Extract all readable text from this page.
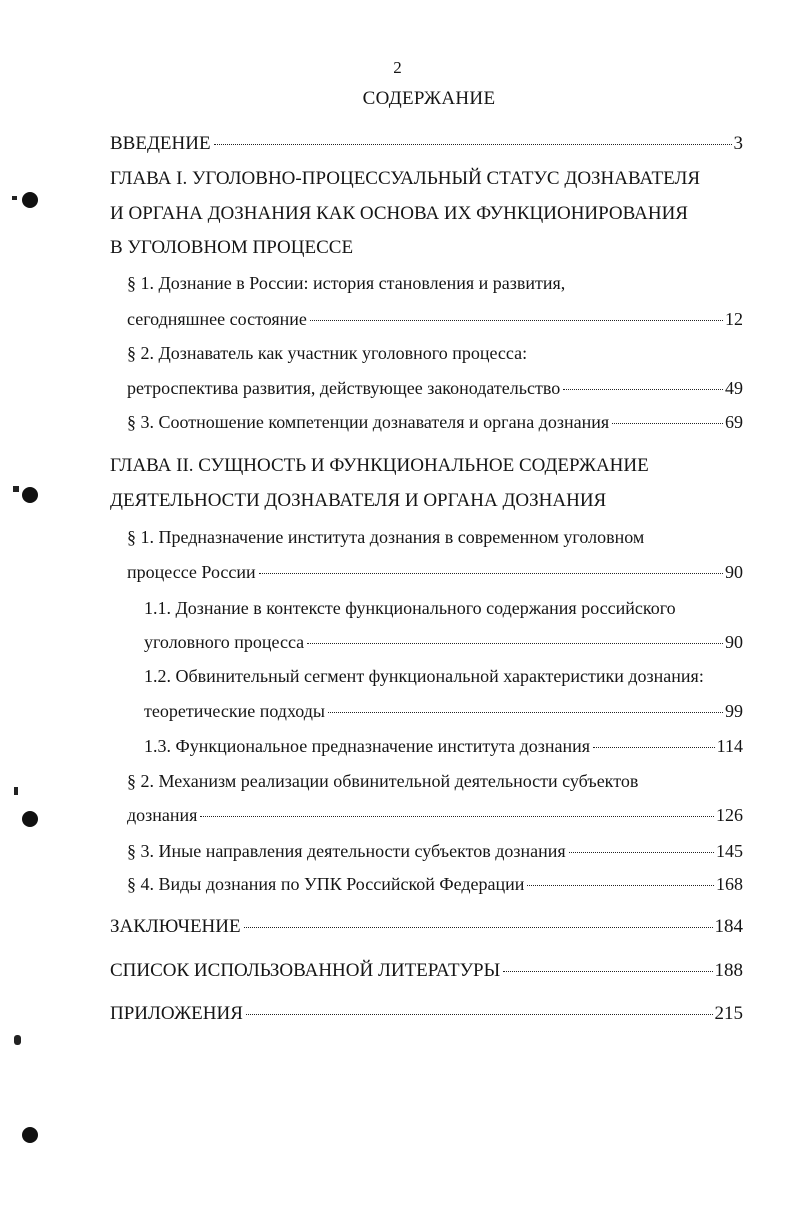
2
СОДЕРЖАНИЕ
ВВЕДЕНИЕ	3
ГЛАВА I. УГОЛОВНО-ПРОЦЕССУАЛЬНЫЙ СТАТУС ДОЗНАВАТЕЛЯ
И ОРГАНА ДОЗНАНИЯ КАК ОСНОВА ИХ ФУНКЦИОНИРОВАНИЯ
В УГОЛОВНОМ ПРОЦЕССЕ
§ 1. Дознание в России: история становления и развития,
сегодняшнее состояние	12
§ 2. Дознаватель как участник уголовного процесса:
ретроспектива развития, действующее законодательство	49
§ 3. Соотношение компетенции дознавателя и органа дознания	69
ГЛАВА II. СУЩНОСТЬ И ФУНКЦИОНАЛЬНОЕ СОДЕРЖАНИЕ
ДЕЯТЕЛЬНОСТИ ДОЗНАВАТЕЛЯ И ОРГАНА ДОЗНАНИЯ
§ 1. Предназначение института дознания в современном уголовном
процессе России	90
1.1. Дознание в контексте функционального содержания российского
уголовного процесса	90
1.2. Обвинительный сегмент функциональной характеристики дознания:
теоретические подходы	99
1.3. Функциональное предназначение института дознания	114
§ 2. Механизм реализации обвинительной деятельности субъектов
дознания	126
§ 3. Иные направления деятельности субъектов дознания	145
§ 4. Виды дознания по УПК Российской Федерации	168
ЗАКЛЮЧЕНИЕ	184
СПИСОК ИСПОЛЬЗОВАННОЙ ЛИТЕРАТУРЫ	188
ПРИЛОЖЕНИЯ	215
